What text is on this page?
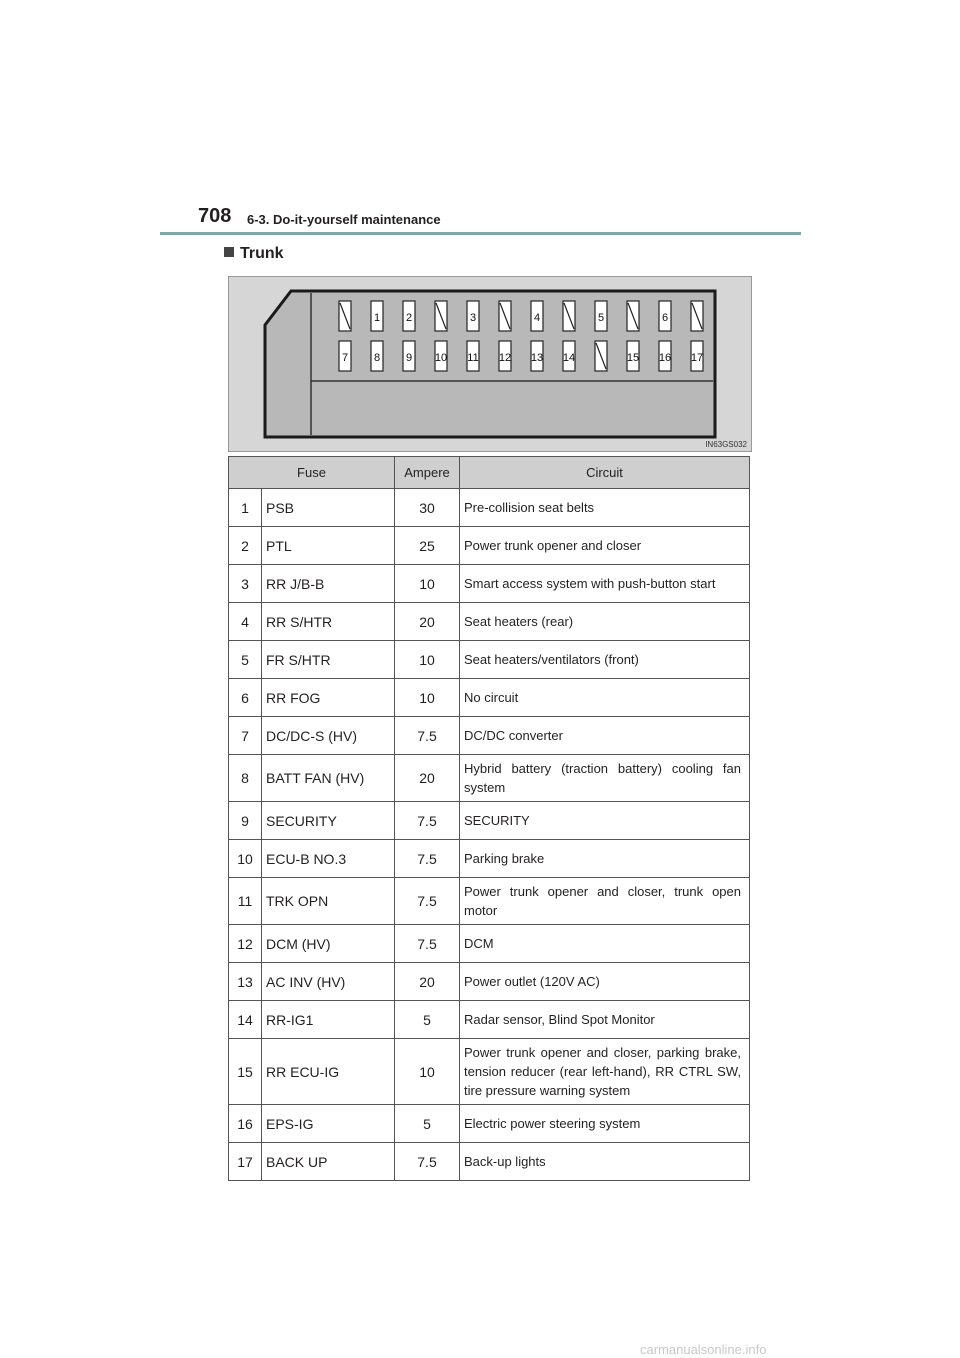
708 6-3. Do-it-yourself maintenance
Trunk
1 2	3	4	5	6
7 8 9 10 11 12 13 14	15 16 17
IN63GS032
Fuse		Ampere	Circuit
1	PSB	30	Pre-collision seat belts
2	PTL	25	Power trunk opener and closer
3	RR J/B-B	10	Smart access system with push-button start
4	RR S/HTR	20	Seat heaters (rear)
5	FR S/HTR	10	Seat heaters/ventilators (front)
6	RR FOG	10	No circuit
7	DC/DC-S (HV)	7.5	DC/DC converter
8	BATT FAN (HV)	20	Hybrid battery (traction battery) cooling fan system
9	SECURITY	7.5	SECURITY
10	ECU-B NO.3	7.5	Parking brake
11	TRK OPN	7.5	Power trunk opener and closer, trunk open motor
12	DCM (HV)	7.5	DCM
13	AC INV (HV)	20	Power outlet (120V AC)
14	RR-IG1	5	Radar sensor, Blind Spot Monitor
15	RR ECU-IG	10	Power trunk opener and closer, parking brake, tension reducer (rear left-hand), RR CTRL SW, tire pressure warning system
16	EPS-IG	5	Electric power steering system
17	BACK UP	7.5	Back-up lights
carmanualsonline.info
